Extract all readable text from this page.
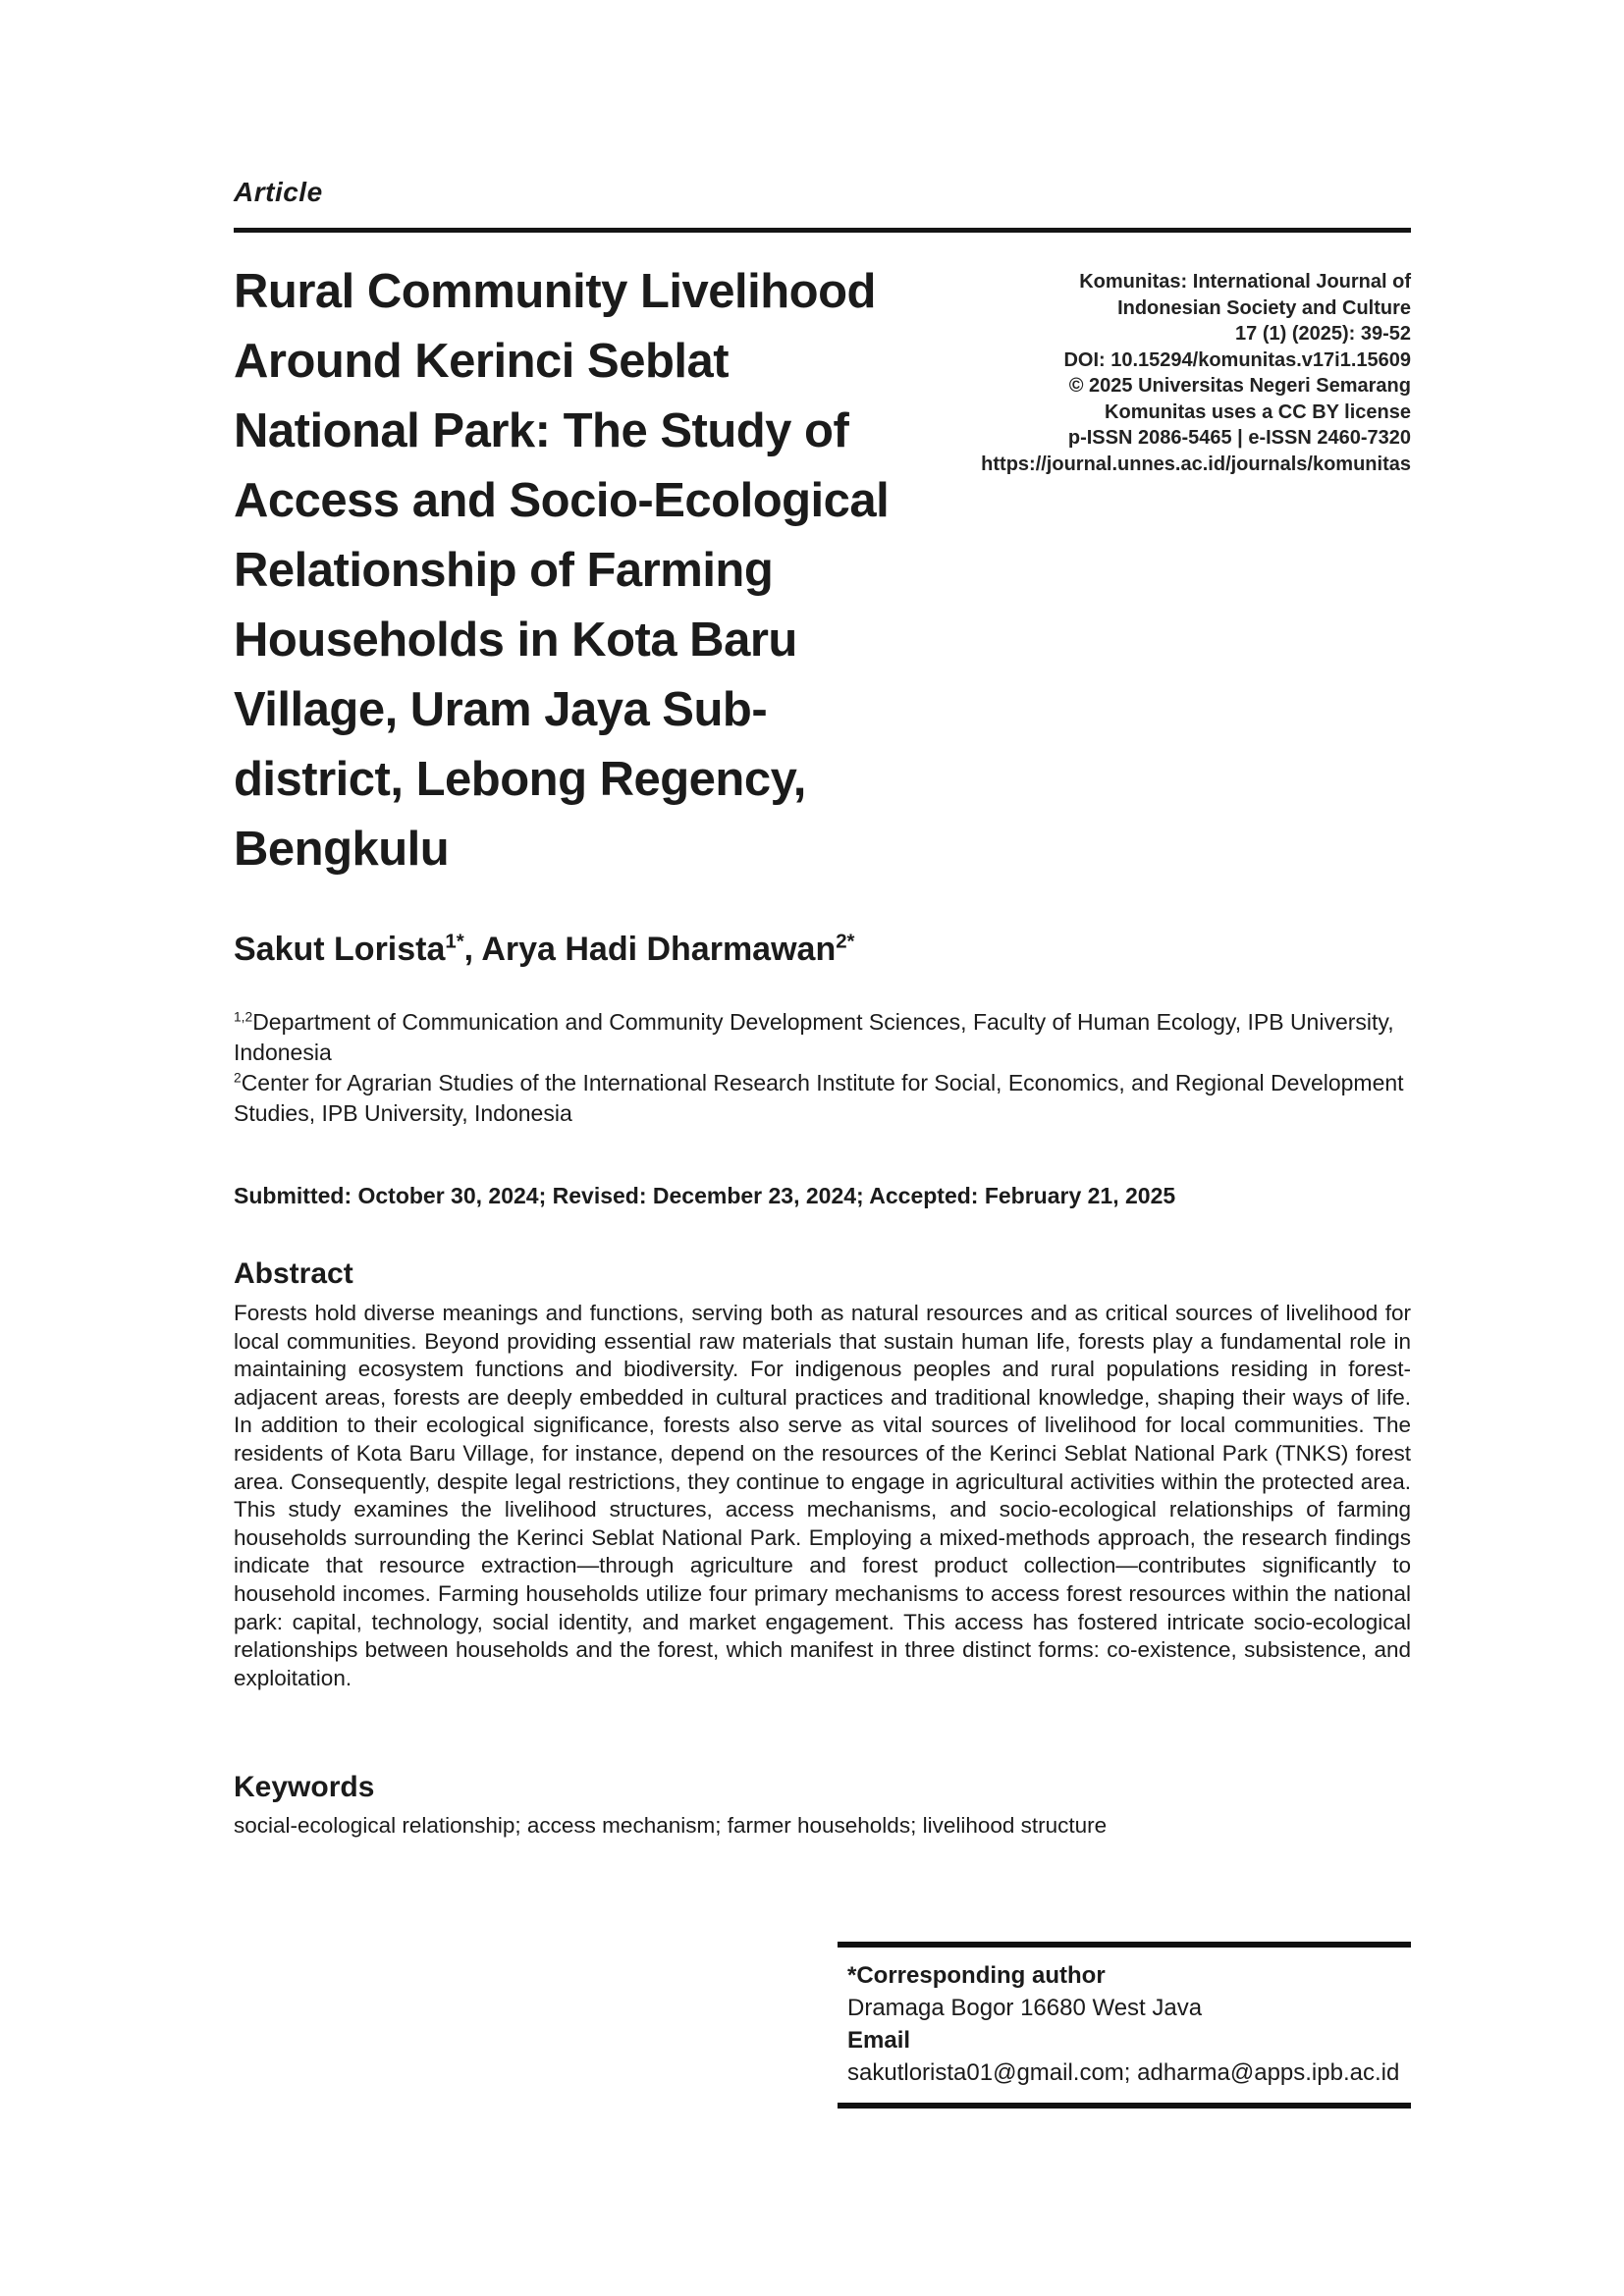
Article
Rural Community Livelihood
Around Kerinci Seblat
National Park: The Study of
Access and Socio-Ecological
Relationship of Farming
Households in Kota Baru
Village, Uram Jaya Sub-
district, Lebong Regency,
Bengkulu
Komunitas: International Journal of
Indonesian Society and Culture
17 (1) (2025): 39-52
DOI: 10.15294/komunitas.v17i1.15609
© 2025 Universitas Negeri Semarang
Komunitas uses a CC BY license
p-ISSN 2086-5465 | e-ISSN 2460-7320
https://journal.unnes.ac.id/journals/komunitas
Sakut Lorista$^{1*}$, Arya Hadi Dharmawan$^{2*}$

$^{1,2}$Department of Communication and Community Development Sciences, Faculty of Human Ecology, IPB University, Indonesia

$^2$Center for Agrarian Studies of the International Research Institute for Social, Economics, and Regional Development Studies, IPB University, Indonesia

Submitted: October 30, 2024; Revised: December 23, 2024; Accepted: February 21, 2025
Abstract
Forests hold diverse meanings and functions, serving both as natural resources and as critical sources of livelihood for local communities. Beyond providing essential raw materials that sustain human life, forests play a fundamental role in maintaining ecosystem functions and biodiversity. For indigenous peoples and rural populations residing in forest-adjacent areas, forests are deeply embedded in cultural practices and traditional knowledge, shaping their ways of life. In addition to their ecological significance, forests also serve as vital sources of livelihood for local communities. The residents of Kota Baru Village, for instance, depend on the resources of the Kerinci Seblat National Park (TNKS) forest area. Consequently, despite legal restrictions, they continue to engage in agricultural activities within the protected area. This study examines the livelihood structures, access mechanisms, and socio-ecological relationships of farming households surrounding the Kerinci Seblat National Park. Employing a mixed-methods approach, the research findings indicate that resource extraction—through agriculture and forest product collection—contributes significantly to household incomes. Farming households utilize four primary mechanisms to access forest resources within the national park: capital, technology, social identity, and market engagement. This access has fostered intricate socio-ecological relationships between households and the forest, which manifest in three distinct forms: co-existence, subsistence, and exploitation.
Keywords
social-ecological relationship; access mechanism; farmer households; livelihood structure
*Corresponding author
Dramaga Bogor 16680 West Java
Email
sakutlorista01@gmail.com; adharma@apps.ipb.ac.id
